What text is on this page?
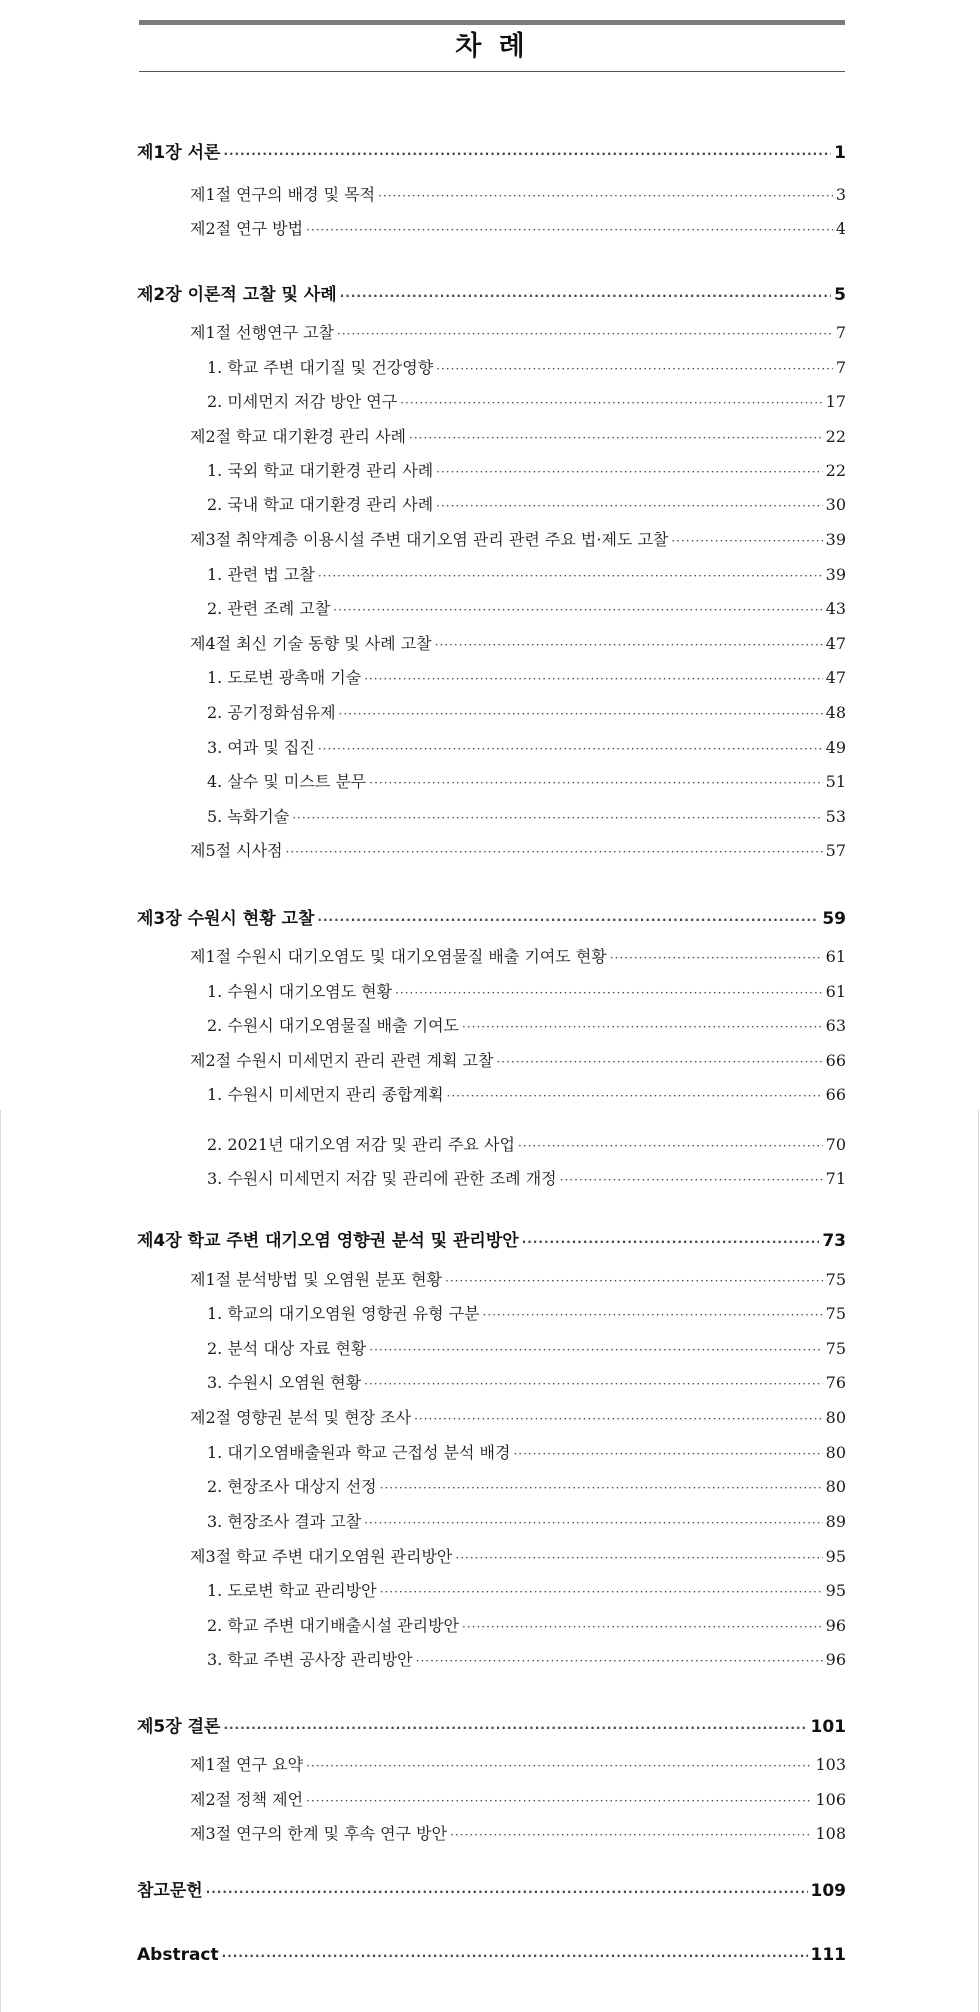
차 례
제1장 서론 ·····	1
제1절 연구의 배경 및 목적 ·····	3
제2절 연구 방법 ·····	4
제2장 이론적 고찰 및 사례 ·····	5
제1절 선행연구 고찰 ·····	7
1. 학교 주변 대기질 및 건강영향 ·····	7
2. 미세먼지 저감 방안 연구 ·····	17
제2절 학교 대기환경 관리 사례 ·····	22
1. 국외 학교 대기환경 관리 사례 ·····	22
2. 국내 학교 대기환경 관리 사례 ·····	30
제3절 취약계층 이용시설 주변 대기오염 관리 관련 주요 법·제도 고찰 ·····	39
1. 관련 법 고찰 ·····	39
2. 관련 조례 고찰 ·····	43
제4절 최신 기술 동향 및 사례 고찰 ·····	47
1. 도로변 광촉매 기술 ·····	47
2. 공기정화섬유제 ·····	48
3. 여과 및 집진 ·····	49
4. 살수 및 미스트 분무 ·····	51
5. 녹화기술 ·····	53
제5절 시사점 ·····	57
제3장 수원시 현황 고찰 ·····	59
제1절 수원시 대기오염도 및 대기오염물질 배출 기여도 현황 ·····	61
1. 수원시 대기오염도 현황 ·····	61
2. 수원시 대기오염물질 배출 기여도 ·····	63
제2절 수원시 미세먼지 관리 관련 계획 고찰 ·····	66
1. 수원시 미세먼지 관리 종합계획 ·····	66
2. 2021년 대기오염 저감 및 관리 주요 사업 ·····	70
3. 수원시 미세먼지 저감 및 관리에 관한 조례 개정 ·····	71
제4장 학교 주변 대기오염 영향권 분석 및 관리방안 ·····	73
제1절 분석방법 및 오염원 분포 현황 ·····	75
1. 학교의 대기오염원 영향권 유형 구분 ·····	75
2. 분석 대상 자료 현황 ·····	75
3. 수원시 오염원 현황 ·····	76
제2절 영향권 분석 및 현장 조사 ·····	80
1. 대기오염배출원과 학교 근접성 분석 배경 ·····	80
2. 현장조사 대상지 선정 ·····	80
3. 현장조사 결과 고찰 ·····	89
제3절 학교 주변 대기오염원 관리방안 ·····	95
1. 도로변 학교 관리방안 ·····	95
2. 학교 주변 대기배출시설 관리방안 ·····	96
3. 학교 주변 공사장 관리방안 ·····	96
제5장 결론 ·····	101
제1절 연구 요약 ·····	103
제2절 정책 제언 ·····	106
제3절 연구의 한계 및 후속 연구 방안 ·····	108
참고문헌 ·····	109
Abstract ·····	111
